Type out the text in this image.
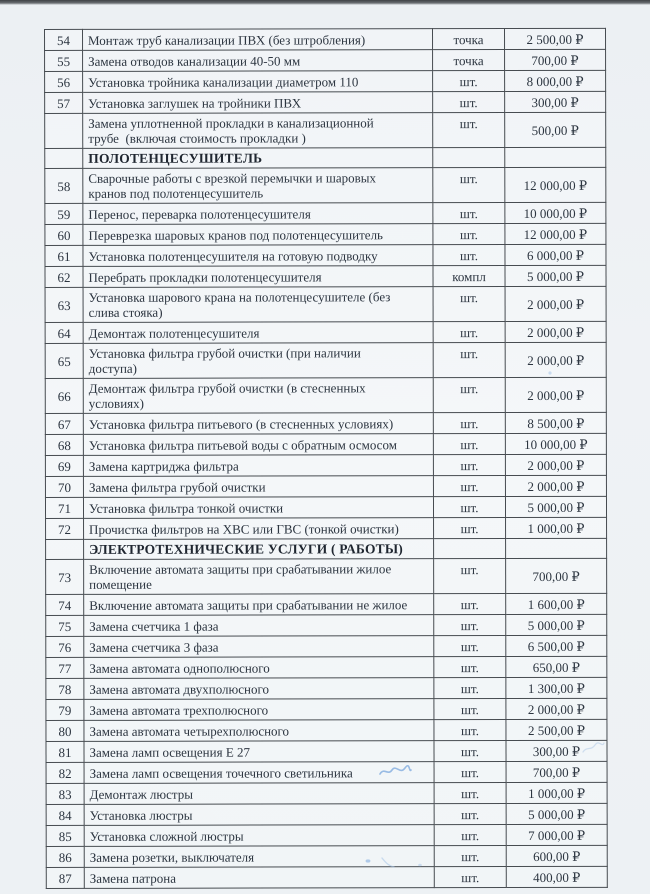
54	Монтаж труб канализации ПВХ (без штробления)	точка	2 500,00 ₽
55	Замена отводов канализации 40-50 мм	точка	700,00 ₽
56	Установка тройника канализации диаметром 110	шт.	8 000,00 ₽
57	Установка заглушек на тройники ПВХ	шт.	300,00 ₽
	Замена уплотненной прокладки в канализационной
трубе  (включая стоимость прокладки )	шт.	500,00 ₽
	ПОЛОТЕНЦЕСУШИТЕЛЬ		
58	Сварочные работы с врезкой перемычки и шаровых
кранов под полотенцесушитель	шт.	12 000,00 ₽
59	Перенос, переварка полотенцесушителя	шт.	10 000,00 ₽
60	Переврезка шаровых кранов под полотенцесушитель	шт.	12 000,00 ₽
61	Установка полотенцесушителя на готовую подводку	шт.	6 000,00 ₽
62	Перебрать прокладки полотенцесушителя	компл	5 000,00 ₽
63	Установка шарового крана на полотенцесушителе (без
слива стояка)	шт.	2 000,00 ₽
64	Демонтаж полотенцесушителя	шт.	2 000,00 ₽
65	Установка фильтра грубой очистки (при наличии
доступа)	шт.	2 000,00 ₽
66	Демонтаж фильтра грубой очистки (в стесненных
условиях)	шт.	2 000,00 ₽
67	Установка фильтра питьевого (в стесненных условиях)	шт.	8 500,00 ₽
68	Установка фильтра питьевой воды с обратным осмосом	шт.	10 000,00 ₽
69	Замена картриджа фильтра	шт.	2 000,00 ₽
70	Замена фильтра грубой очистки	шт.	2 000,00 ₽
71	Установка фильтра тонкой очистки	шт.	5 000,00 ₽
72	Прочистка фильтров на ХВС или ГВС (тонкой очистки)	шт.	1 000,00 ₽
	ЭЛЕКТРОТЕХНИЧЕСКИЕ УСЛУГИ ( РАБОТЫ)		
73	Включение автомата защиты при срабатывании жилое
помещение	шт.	700,00 ₽
74	Включение автомата защиты при срабатывании не жилое	шт.	1 600,00 ₽
75	Замена счетчика 1 фаза	шт.	5 000,00 ₽
76	Замена счетчика 3 фаза	шт.	6 500,00 ₽
77	Замена автомата однополюсного	шт.	650,00 ₽
78	Замена автомата двухполюсного	шт.	1 300,00 ₽
79	Замена автомата трехполюсного	шт.	2 000,00 ₽
80	Замена автомата четырехполюсного	шт.	2 500,00 ₽
81	Замена ламп освещения Е 27	шт.	300,00 ₽
82	Замена ламп освещения точечного светильника	шт.	700,00 ₽
83	Демонтаж люстры	шт.	1 000,00 ₽
84	Установка люстры	шт.	5 000,00 ₽
85	Установка сложной люстры	шт.	7 000,00 ₽
86	Замена розетки, выключателя	шт.	600,00 ₽
87	Замена патрона	шт.	400,00 ₽
